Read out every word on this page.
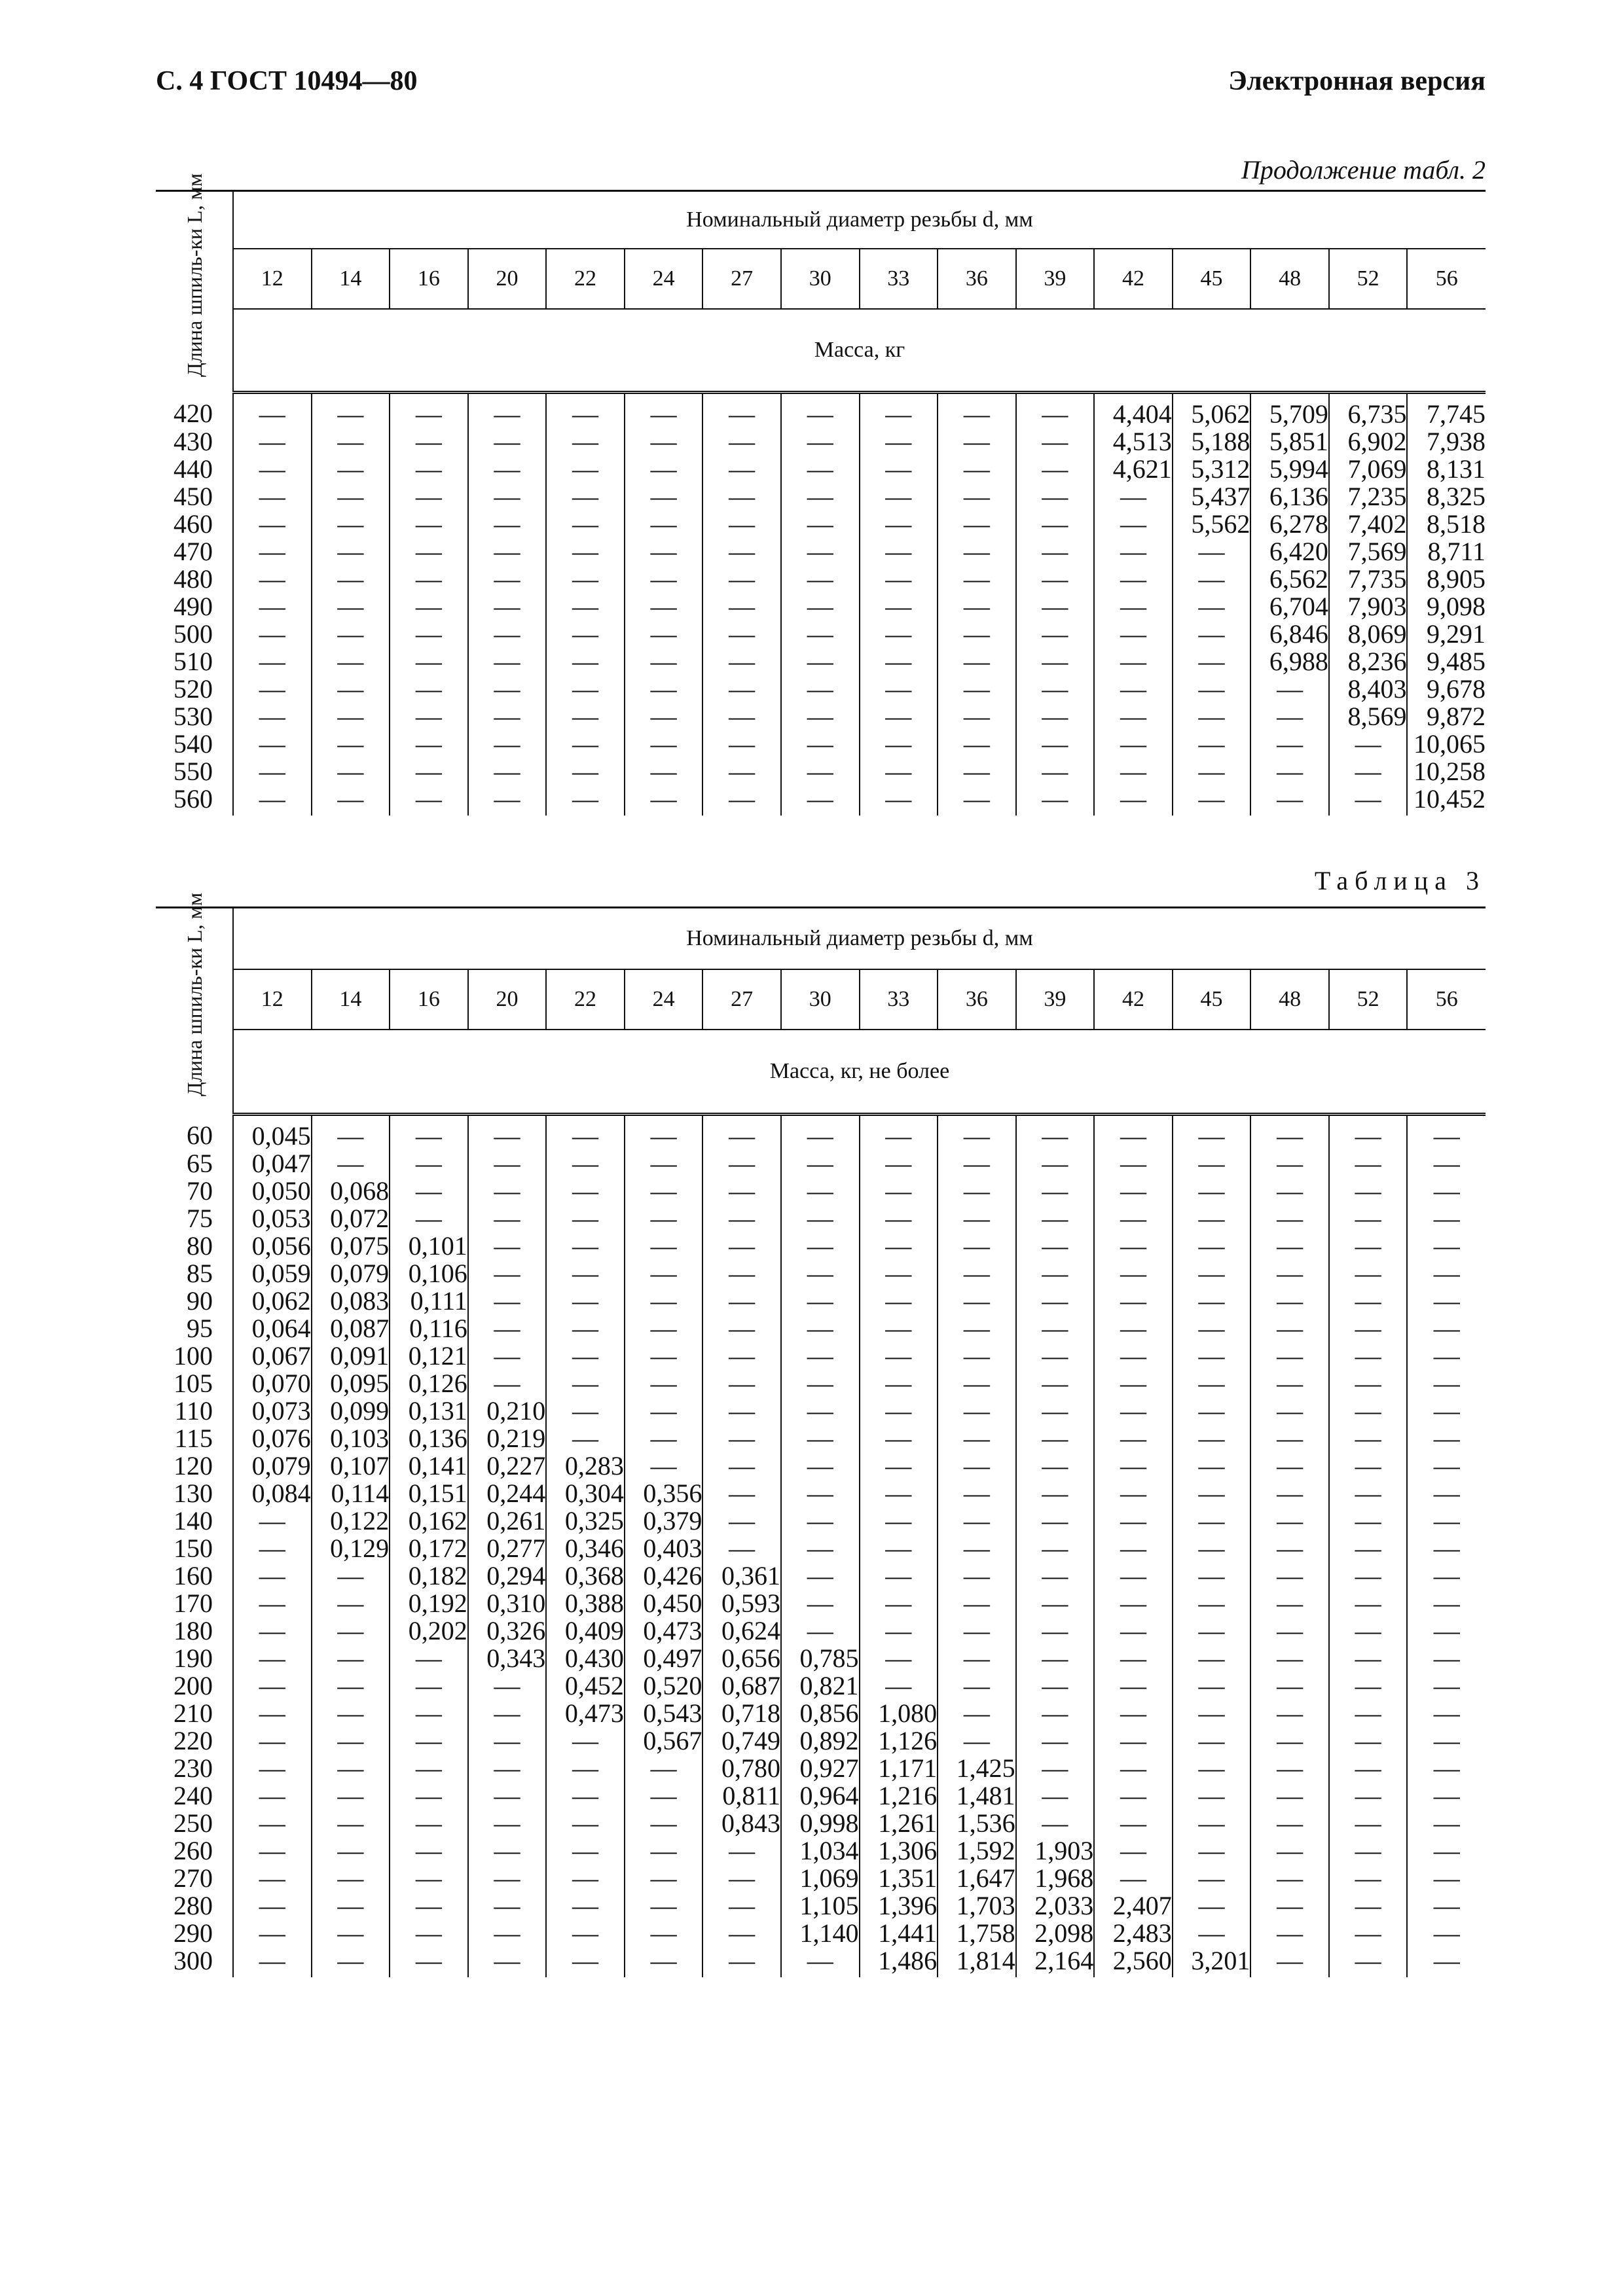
С. 4 ГОСТ 10494—80	Электронная версия
Продолжение табл. 2
Длина шпиль-ки L, мм	Номинальный диаметр резьбы d, мм															
	12	14	16	20	22	24	27	30	33	36	39	42	45	48	52	56
	Масса, кг															
420	—	—	—	—	—	—	—	—	—	—	—	4,404	5,062	5,709	6,735	7,745
430	—	—	—	—	—	—	—	—	—	—	—	4,513	5,188	5,851	6,902	7,938
440	—	—	—	—	—	—	—	—	—	—	—	4,621	5,312	5,994	7,069	8,131
450	—	—	—	—	—	—	—	—	—	—	—	—	5,437	6,136	7,235	8,325
460	—	—	—	—	—	—	—	—	—	—	—	—	5,562	6,278	7,402	8,518
470	—	—	—	—	—	—	—	—	—	—	—	—	—	6,420	7,569	8,711
480	—	—	—	—	—	—	—	—	—	—	—	—	—	6,562	7,735	8,905
490	—	—	—	—	—	—	—	—	—	—	—	—	—	6,704	7,903	9,098
500	—	—	—	—	—	—	—	—	—	—	—	—	—	6,846	8,069	9,291
510	—	—	—	—	—	—	—	—	—	—	—	—	—	6,988	8,236	9,485
520	—	—	—	—	—	—	—	—	—	—	—	—	—	—	8,403	9,678
530	—	—	—	—	—	—	—	—	—	—	—	—	—	—	8,569	9,872
540	—	—	—	—	—	—	—	—	—	—	—	—	—	—	—	10,065
550	—	—	—	—	—	—	—	—	—	—	—	—	—	—	—	10,258
560	—	—	—	—	—	—	—	—	—	—	—	—	—	—	—	10,452
Таблица 3
Длина шпиль-ки L, мм	Номинальный диаметр резьбы d, мм															
	12	14	16	20	22	24	27	30	33	36	39	42	45	48	52	56
	Масса, кг, не более															
60	0,045	—	—	—	—	—	—	—	—	—	—	—	—	—	—	—
65	0,047	—	—	—	—	—	—	—	—	—	—	—	—	—	—	—
70	0,050	0,068	—	—	—	—	—	—	—	—	—	—	—	—	—	—
75	0,053	0,072	—	—	—	—	—	—	—	—	—	—	—	—	—	—
80	0,056	0,075	0,101	—	—	—	—	—	—	—	—	—	—	—	—	—
85	0,059	0,079	0,106	—	—	—	—	—	—	—	—	—	—	—	—	—
90	0,062	0,083	0,111	—	—	—	—	—	—	—	—	—	—	—	—	—
95	0,064	0,087	0,116	—	—	—	—	—	—	—	—	—	—	—	—	—
100	0,067	0,091	0,121	—	—	—	—	—	—	—	—	—	—	—	—	—
105	0,070	0,095	0,126	—	—	—	—	—	—	—	—	—	—	—	—	—
110	0,073	0,099	0,131	0,210	—	—	—	—	—	—	—	—	—	—	—	—
115	0,076	0,103	0,136	0,219	—	—	—	—	—	—	—	—	—	—	—	—
120	0,079	0,107	0,141	0,227	0,283	—	—	—	—	—	—	—	—	—	—	—
130	0,084	0,114	0,151	0,244	0,304	0,356	—	—	—	—	—	—	—	—	—	—
140	—	0,122	0,162	0,261	0,325	0,379	—	—	—	—	—	—	—	—	—	—
150	—	0,129	0,172	0,277	0,346	0,403	—	—	—	—	—	—	—	—	—	—
160	—	—	0,182	0,294	0,368	0,426	0,361	—	—	—	—	—	—	—	—	—
170	—	—	0,192	0,310	0,388	0,450	0,593	—	—	—	—	—	—	—	—	—
180	—	—	0,202	0,326	0,409	0,473	0,624	—	—	—	—	—	—	—	—	—
190	—	—	—	0,343	0,430	0,497	0,656	0,785	—	—	—	—	—	—	—	—
200	—	—	—	—	0,452	0,520	0,687	0,821	—	—	—	—	—	—	—	—
210	—	—	—	—	0,473	0,543	0,718	0,856	1,080	—	—	—	—	—	—	—
220	—	—	—	—	—	0,567	0,749	0,892	1,126	—	—	—	—	—	—	—
230	—	—	—	—	—	—	0,780	0,927	1,171	1,425	—	—	—	—	—	—
240	—	—	—	—	—	—	0,811	0,964	1,216	1,481	—	—	—	—	—	—
250	—	—	—	—	—	—	0,843	0,998	1,261	1,536	—	—	—	—	—	—
260	—	—	—	—	—	—	—	1,034	1,306	1,592	1,903	—	—	—	—	—
270	—	—	—	—	—	—	—	1,069	1,351	1,647	1,968	—	—	—	—	—
280	—	—	—	—	—	—	—	1,105	1,396	1,703	2,033	2,407	—	—	—	—
290	—	—	—	—	—	—	—	1,140	1,441	1,758	2,098	2,483	—	—	—	—
300	—	—	—	—	—	—	—	—	1,486	1,814	2,164	2,560	3,201	—	—	—
